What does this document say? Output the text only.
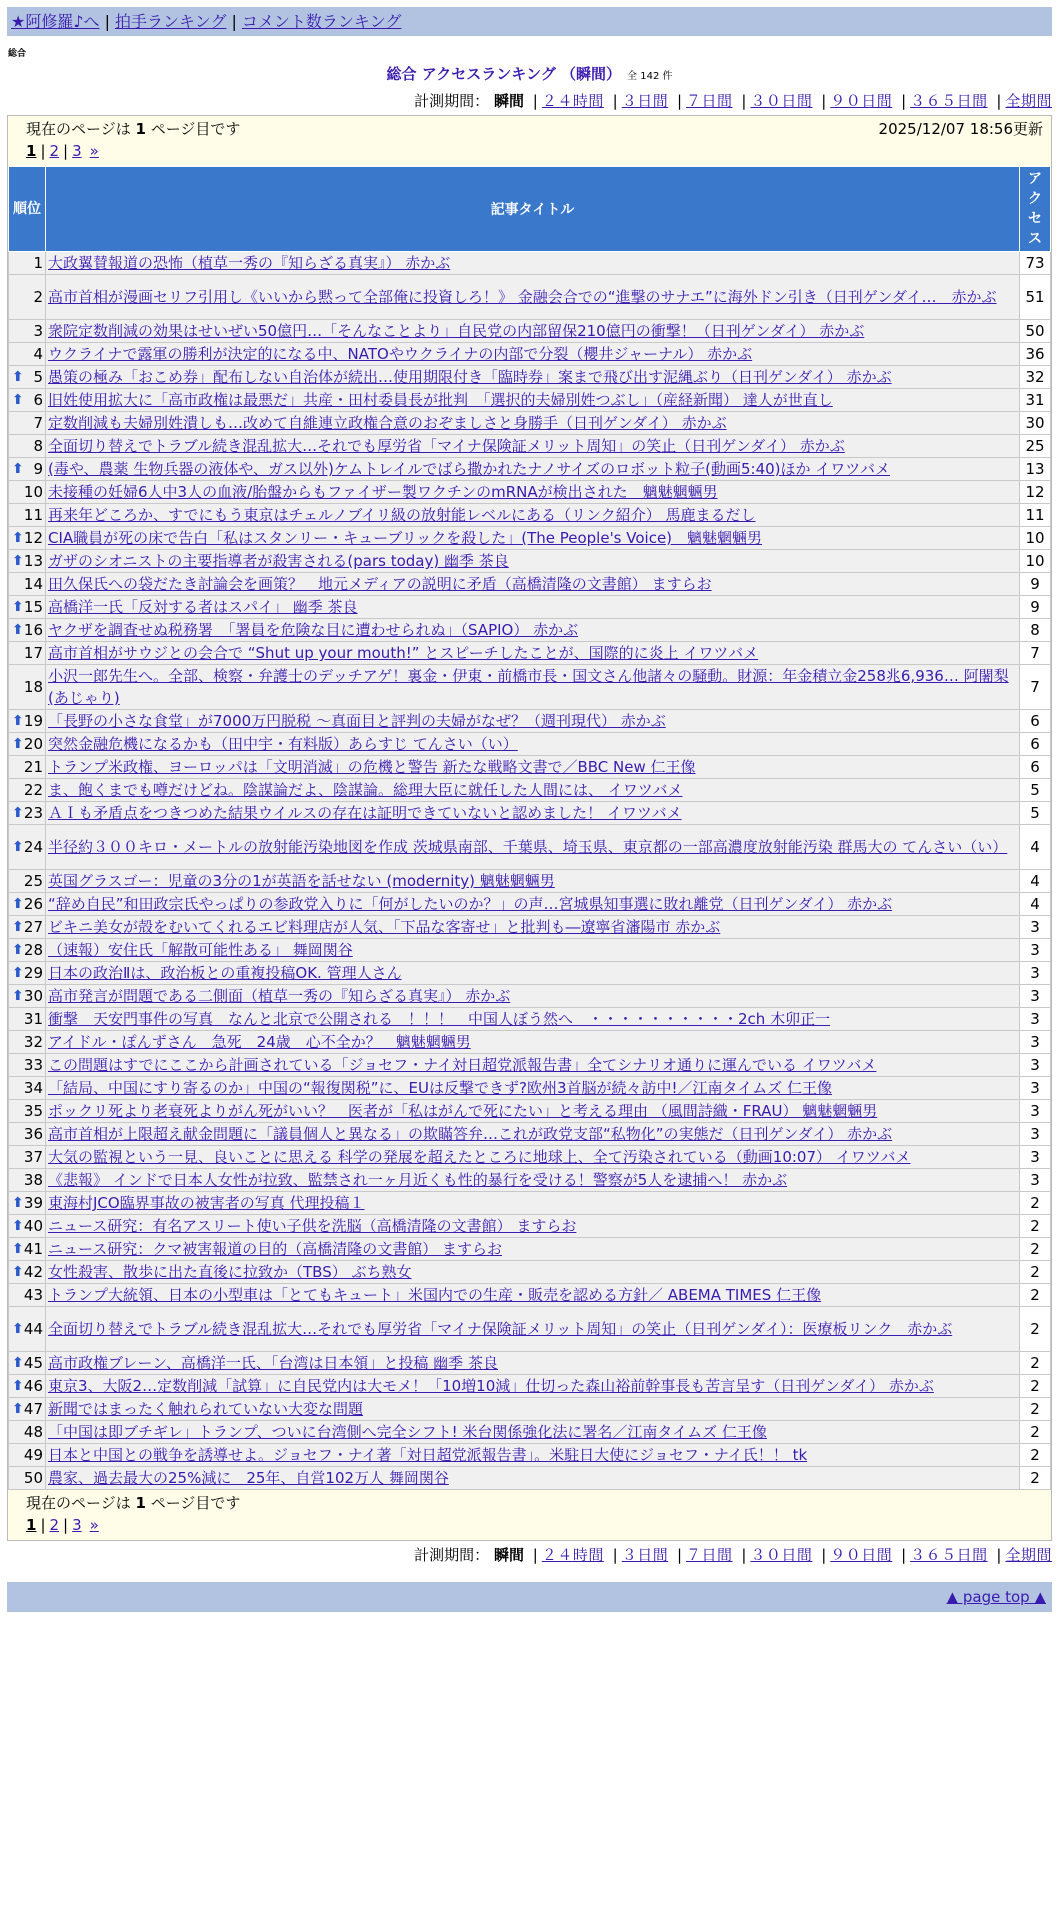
★阿修羅♪へ | 拍手ランキング | コメント数ランキング
総合
総合 アクセスランキング （瞬間） 全 142 件
計測期間： 瞬間 | ２４時間 | ３日間 | ７日間 | ３０日間 | ９０日間 | ３６５日間 | 全期間
現在のページは 1 ページ目です	2025/12/07 18:56更新
1 | 2 | 3 »
順位	記事タイトル	アクセス
1	大政翼賛報道の恐怖（植草一秀の『知らざる真実』） 赤かぶ	73
2	高市首相が漫画セリフ引用し《いいから黙って全部俺に投資しろ！》 金融会合での“進撃のサナエ”に海外ドン引き（日刊ゲンダイ…　赤かぶ	51
3	衆院定数削減の効果はせいぜい50億円…「そんなことより」自民党の内部留保210億円の衝撃！（日刊ゲンダイ） 赤かぶ	50
4	ウクライナで露軍の勝利が決定的になる中、NATOやウクライナの内部で分裂（櫻井ジャーナル） 赤かぶ	36

⬆ 5	愚策の極み「おこめ券」配布しない自治体が続出…使用期限付き「臨時券」案まで飛び出す泥縄ぶり（日刊ゲンダイ） 赤かぶ	32

⬆ 6	旧姓使用拡大に「高市政権は最悪だ」共産・田村委員長が批判　「選択的夫婦別姓つぶし」（産経新聞） 達人が世直し	31
7	定数削減も夫婦別姓潰しも…改めて自維連立政権合意のおぞましさと身勝手（日刊ゲンダイ） 赤かぶ	30
8	全面切り替えでトラブル続き混乱拡大…それでも厚労省「マイナ保険証メリット周知」の笑止（日刊ゲンダイ） 赤かぶ	25

⬆ 9	(毒や、農薬 生物兵器の液体や、ガス以外)ケムトレイルでばら撒かれたナノサイズのロボット粒子(動画5:40)ほか イワツバメ	13
10	未接種の妊婦6人中3人の血液/胎盤からもファイザー製ワクチンのmRNAが検出された　魑魅魍魎男	12
11	再来年どころか、すでにもう東京はチェルノブイリ級の放射能レベルにある（リンク紹介） 馬鹿まるだし	11

⬆ 12	CIA職員が死の床で告白「私はスタンリー・キューブリックを殺した」(The People's Voice)　魑魅魍魎男	10

⬆ 13	ガザのシオニストの主要指導者が殺害される(pars today) 幽季 茶良	10
14	田久保氏への袋だたき討論会を画策？　地元メディアの説明に矛盾（高橋清隆の文書館） ますらお	9

⬆ 15	高橋洋一氏「反対する者はスパイ」 幽季 茶良	9

⬆ 16	ヤクザを調査せぬ税務署　「署員を危険な目に遭わせられぬ」（SAPIO） 赤かぶ	8
17	高市首相がサウジとの会合で “Shut up your mouth!” とスピーチしたことが、国際的に炎上 イワツバメ	7
18	小沢一郎先生へ。全部、検察・弁護士のデッチアゲ！裏金・伊東・前橋市長・国文さん他諸々の騒動。財源：年金積立金258兆6,936… 阿闍梨(あじゃり)	7

⬆ 19	「長野の小さな食堂」が7000万円脱税 〜真面目と評判の夫婦がなぜ？（週刊現代） 赤かぶ	6

⬆ 20	突然金融危機になるかも（田中宇・有料版）あらすじ てんさい（い）	6
21	トランプ米政権、ヨーロッパは「文明消滅」の危機と警告 新たな戦略文書で／BBC New 仁王像	6
22	ま、飽くまでも噂だけどね。陰謀論だよ、陰謀論。総理大臣に就任した人間には、 イワツバメ	5

⬆ 23	ＡＩも矛盾点をつきつめた結果ウイルスの存在は証明できていないと認めました！ イワツバメ	5

⬆ 24	半径約３００キロ・メートルの放射能汚染地図を作成 茨城県南部、千葉県、埼玉県、東京都の一部高濃度放射能汚染 群馬大の てんさい（い）	4
25	英国グラスゴー：児童の3分の1が英語を話せない (modernity) 魑魅魍魎男	4

⬆ 26	“辞め自民”和田政宗氏やっぱりの参政党入りに「何がしたいのか？」の声…宮城県知事選に敗れ離党（日刊ゲンダイ） 赤かぶ	4

⬆ 27	ビキニ美女が殻をむいてくれるエビ料理店が人気、「下品な客寄せ」と批判も―遼寧省瀋陽市 赤かぶ	3

⬆ 28	（速報）安住氏「解散可能性ある」 舞岡関谷	3

⬆ 29	日本の政治Ⅱは、政治板との重複投稿OK. 管理人さん	3

⬆ 30	高市発言が問題である二側面（植草一秀の『知らざる真実』） 赤かぶ	3
31	衝撃　天安門事件の写真　なんと北京で公開される　！！！　中国人ぼう然へ　・・・・・・・・・・2ch 木卯正一	3
32	アイドル・ぽんずさん　急死　24歳　心不全か？　魑魅魍魎男	3
33	この問題はすでにここから計画されている「ジョセフ・ナイ対日超党派報告書」全てシナリオ通りに運んでいる イワツバメ	3
34	「結局、中国にすり寄るのか」中国の“報復関税”に、EUは反撃できず?欧州3首脳が続々訪中!／江南タイムズ 仁王像	3
35	ポックリ死より老衰死よりがん死がいい？　医者が「私はがんで死にたい」と考える理由 （風間詩織・FRAU） 魑魅魍魎男	3
36	高市首相が上限超え献金問題に「議員個人と異なる」の欺瞞答弁…これが政党支部“私物化”の実態だ（日刊ゲンダイ） 赤かぶ	3
37	大気の監視という一見、良いことに思える 科学の発展を超えたところに地球上、全て汚染されている（動画10:07） イワツバメ	3
38	《悲報》 インドで日本人女性が拉致、監禁され一ヶ月近くも性的暴行を受ける！警察が5人を逮捕へ！ 赤かぶ	3

⬆ 39	東海村JCO臨界事故の被害者の写真 代理投稿１	2

⬆ 40	ニュース研究：有名アスリート使い子供を洗脳（高橋清隆の文書館） ますらお	2

⬆ 41	ニュース研究：クマ被害報道の目的（高橋清隆の文書館） ますらお	2

⬆ 42	女性殺害、散歩に出た直後に拉致か（TBS） ぶち熟女	2
43	トランプ大統領、日本の小型車は「とてもキュート」米国内での生産・販売を認める方針／ ABEMA TIMES 仁王像	2

⬆ 44	全面切り替えでトラブル続き混乱拡大…それでも厚労省「マイナ保険証メリット周知」の笑止（日刊ゲンダイ）：医療板リンク　赤かぶ	2

⬆ 45	高市政権ブレーン、高橋洋一氏、「台湾は日本領」と投稿 幽季 茶良	2

⬆ 46	東京3、大阪2…定数削減「試算」に自民党内は大モメ！「10増10減」仕切った森山裕前幹事長も苦言呈す（日刊ゲンダイ） 赤かぶ	2

⬆ 47	新聞ではまったく触れられていない大変な問題	2
48	「中国は即ブチギレ」トランプ、ついに台湾側へ完全シフト! 米台関係強化法に署名／江南タイムズ 仁王像	2
49	日本と中国との戦争を誘導せよ。ジョセフ・ナイ著「対日超党派報告書」。米駐日大使にジョセフ・ナイ氏！！ tk	2
50	農家、過去最大の25%減に　25年、自営102万人 舞岡関谷	2
現在のページは 1 ページ目です
1 | 2 | 3 »
計測期間： 瞬間 | ２４時間 | ３日間 | ７日間 | ３０日間 | ９０日間 | ３６５日間 | 全期間
▲ page top ▲
